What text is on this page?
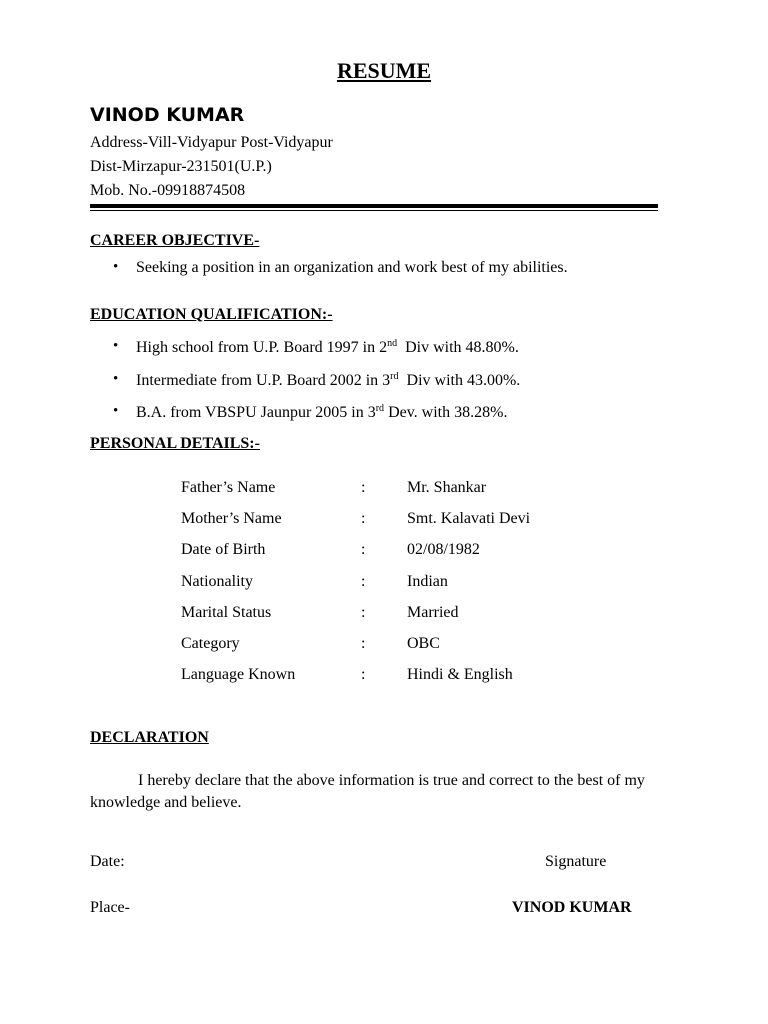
RESUME
VINOD KUMAR
Address-Vill-Vidyapur Post-Vidyapur
Dist-Mirzapur-231501(U.P.)
Mob. No.-09918874508
CAREER OBJECTIVE-
• Seeking a position in an organization and work best of my abilities.
EDUCATION QUALIFICATION:-
• High school from U.P. Board 1997 in 2nd  Div with 48.80%.
• Intermediate from U.P. Board 2002 in 3rd  Div with 43.00%.
• B.A. from VBSPU Jaunpur 2005 in 3rd Dev. with 38.28%.
PERSONAL DETAILS:-
Father’s Name	:	Mr. Shankar
Mother’s Name	:	Smt. Kalavati Devi
Date of Birth	:	02/08/1982
Nationality	:	Indian
Marital Status	:	Married
Category	:	OBC
Language Known	:	Hindi & English
DECLARATION
I hereby declare that the above information is true and correct to the best of my knowledge and believe.
Date:	Signature
Place-	VINOD KUMAR
